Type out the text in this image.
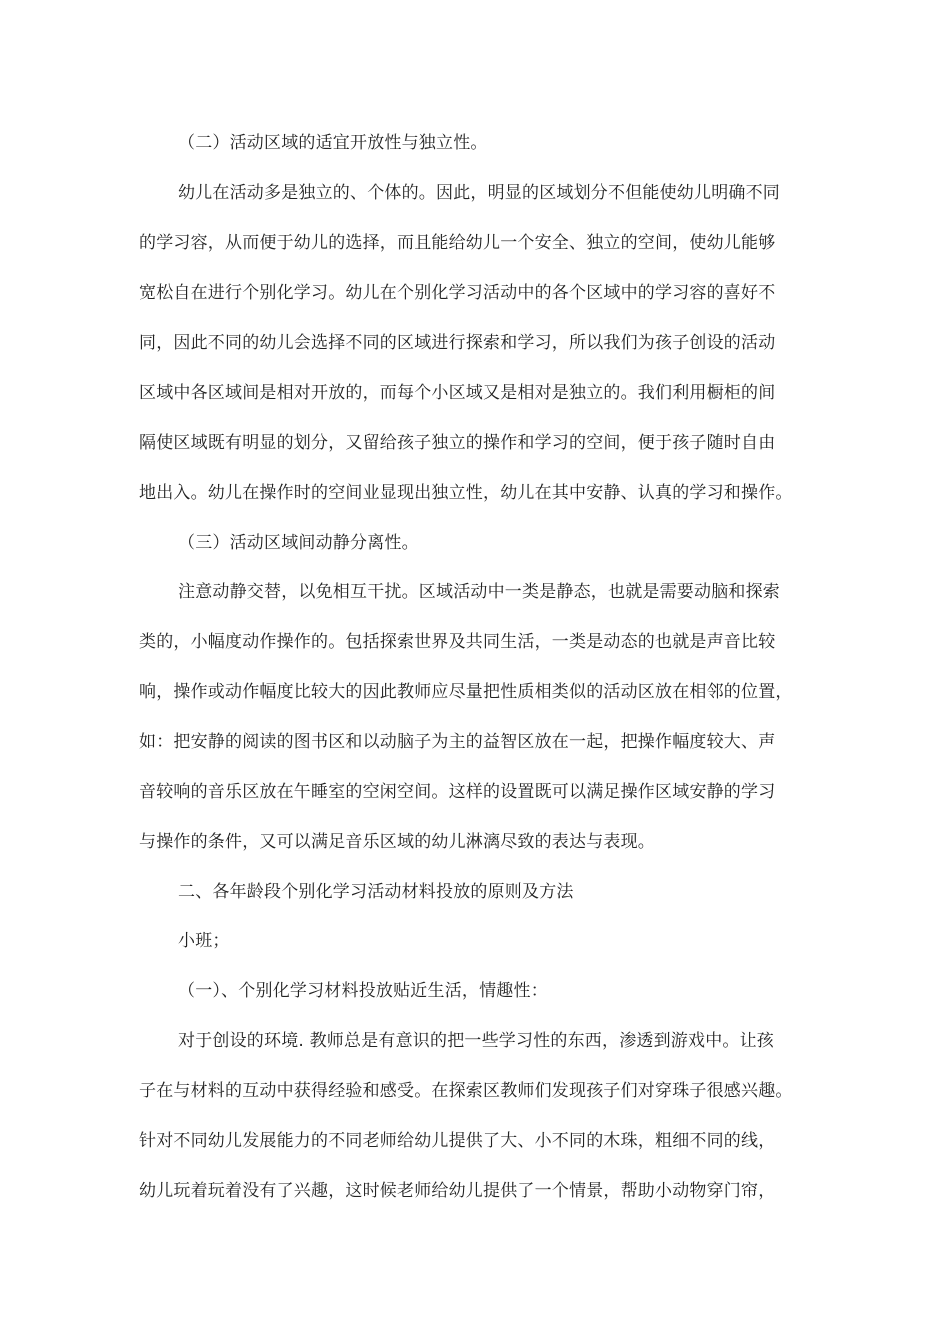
（二）活动区域的适宜开放性与独立性。
幼儿在活动多是独立的、个体的。因此，明显的区域划分不但能使幼儿明确不同
的学习容，从而便于幼儿的选择，而且能给幼儿一个安全、独立的空间，使幼儿能够
宽松自在进行个别化学习。幼儿在个别化学习活动中的各个区域中的学习容的喜好不
同，因此不同的幼儿会选择不同的区域进行探索和学习，所以我们为孩子创设的活动
区域中各区域间是相对开放的，而每个小区域又是相对是独立的。我们利用橱柜的间
隔使区域既有明显的划分，又留给孩子独立的操作和学习的空间，便于孩子随时自由
地出入。幼儿在操作时的空间业显现出独立性，幼儿在其中安静、认真的学习和操作。
（三）活动区域间动静分离性。
注意动静交替，以免相互干扰。区域活动中一类是静态，也就是需要动脑和探索
类的，小幅度动作操作的。包括探索世界及共同生活，一类是动态的也就是声音比较
响，操作或动作幅度比较大的因此教师应尽量把性质相类似的活动区放在相邻的位置，
如：把安静的阅读的图书区和以动脑子为主的益智区放在一起，把操作幅度较大、声
音较响的音乐区放在午睡室的空闲空间。这样的设置既可以满足操作区域安静的学习
与操作的条件，又可以满足音乐区域的幼儿淋漓尽致的表达与表现。
二、各年龄段个别化学习活动材料投放的原则及方法
小班；
（一）、个别化学习材料投放贴近生活，情趣性：
对于创设的环境. 教师总是有意识的把一些学习性的东西，渗透到游戏中。让孩
子在与材料的互动中获得经验和感受。在探索区教师们发现孩子们对穿珠子很感兴趣。
针对不同幼儿发展能力的不同老师给幼儿提供了大、小不同的木珠，粗细不同的线，
幼儿玩着玩着没有了兴趣，这时候老师给幼儿提供了一个情景，帮助小动物穿门帘，
